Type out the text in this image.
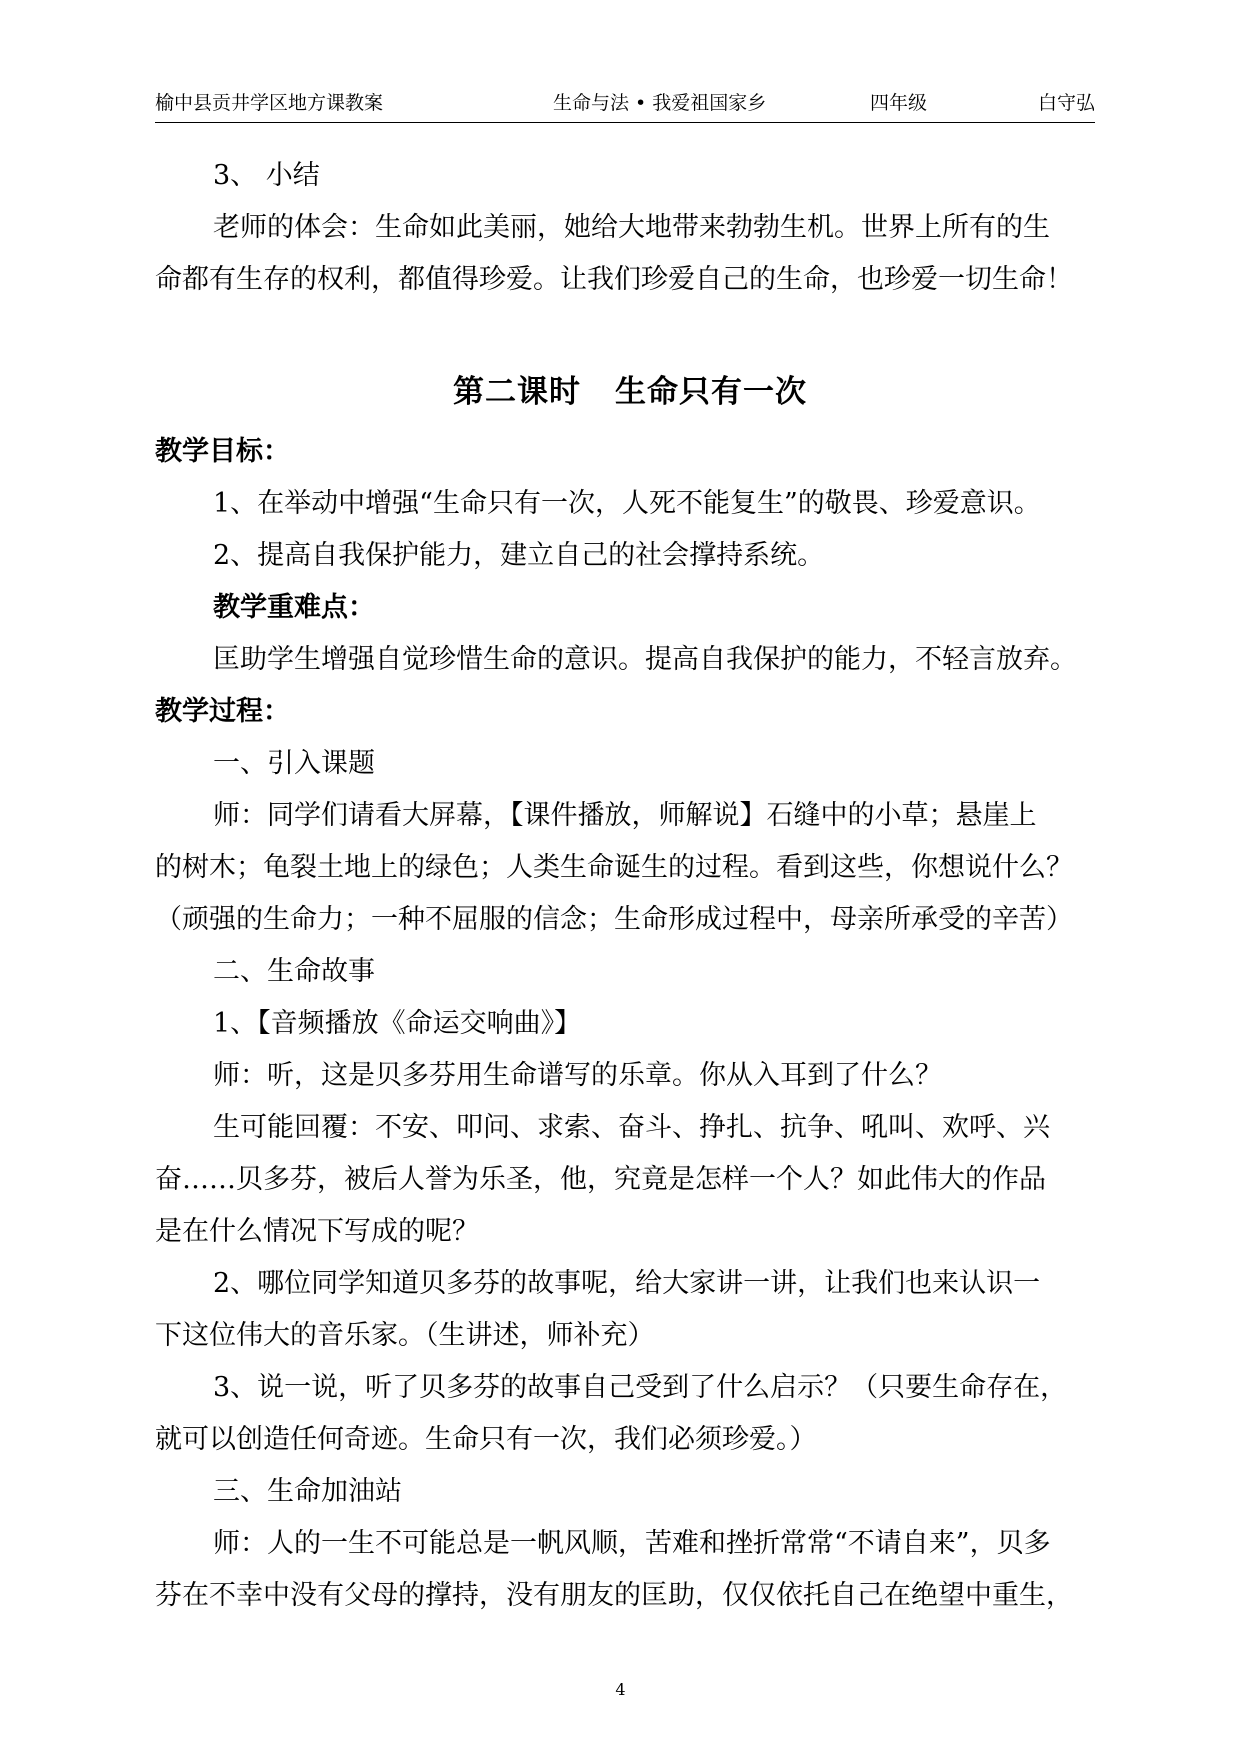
榆中县贡井学区地方课教案	生命与法 • 我爱祖国家乡	四年级	白守弘
3、 小结
老师的体会：生命如此美丽，她给大地带来勃勃生机。世界上所有的生
命都有生存的权利，都值得珍爱。让我们珍爱自己的生命，也珍爱一切生命！
第二课时 生命只有一次
教学目标：
1、在举动中增强“生命只有一次，人死不能复生”的敬畏、珍爱意识。
2、提高自我保护能力，建立自己的社会撑持系统。
教学重难点：
匡助学生增强自觉珍惜生命的意识。提高自我保护的能力，不轻言放弃。
教学过程：
一、引入课题
师：同学们请看大屏幕，【课件播放，师解说】石缝中的小草；悬崖上
的树木；龟裂土地上的绿色；人类生命诞生的过程。看到这些，你想说什么？
（顽强的生命力；一种不屈服的信念；生命形成过程中，母亲所承受的辛苦）
二、生命故事
1、【音频播放《命运交响曲》】
师：听，这是贝多芬用生命谱写的乐章。你从入耳到了什么？
生可能回覆：不安、叩问、求索、奋斗、挣扎、抗争、吼叫、欢呼、兴
奋……贝多芬，被后人誉为乐圣，他，究竟是怎样一个人？如此伟大的作品
是在什么情况下写成的呢？
2、哪位同学知道贝多芬的故事呢，给大家讲一讲，让我们也来认识一
下这位伟大的音乐家。（生讲述，师补充）
3、说一说，听了贝多芬的故事自己受到了什么启示？（只要生命存在，
就可以创造任何奇迹。生命只有一次，我们必须珍爱。）
三、生命加油站
师：人的一生不可能总是一帆风顺，苦难和挫折常常“不请自来”，贝多
芬在不幸中没有父母的撑持，没有朋友的匡助，仅仅依托自己在绝望中重生，
4
